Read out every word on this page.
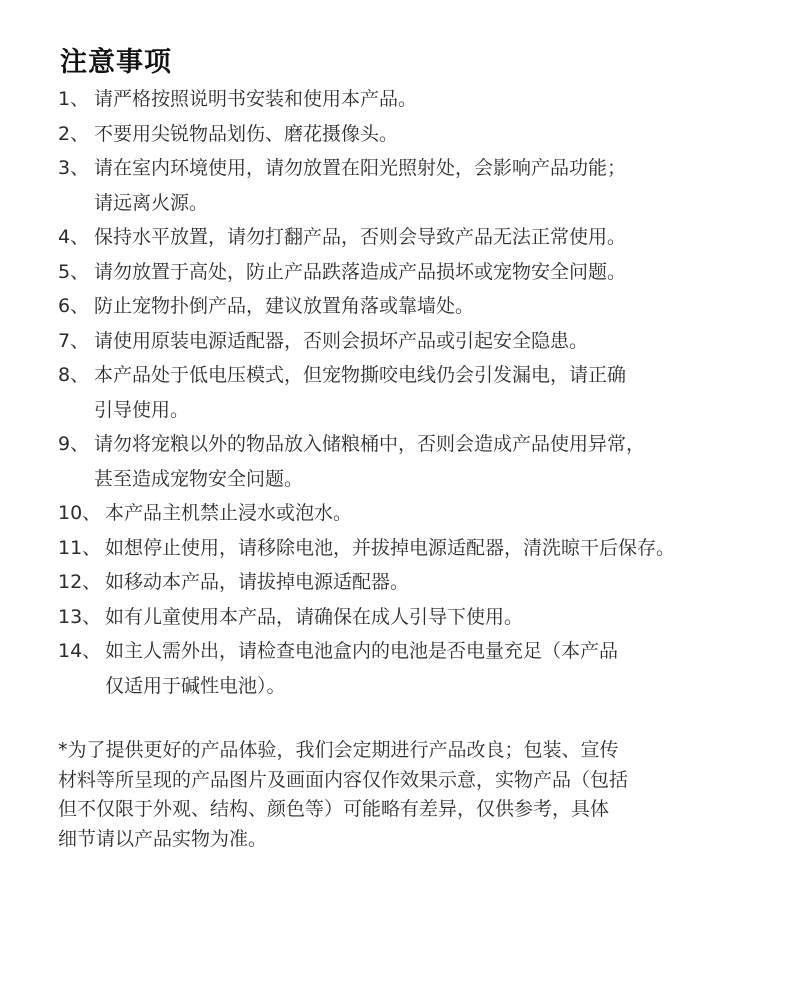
注意事项
1、 请严格按照说明书安装和使用本产品。
2、 不要用尖锐物品划伤、磨花摄像头。
3、 请在室内环境使用，请勿放置在阳光照射处，会影响产品功能；
请远离火源。
4、 保持水平放置，请勿打翻产品，否则会导致产品无法正常使用。
5、 请勿放置于高处，防止产品跌落造成产品损坏或宠物安全问题。
6、 防止宠物扑倒产品，建议放置角落或靠墙处。
7、 请使用原装电源适配器，否则会损坏产品或引起安全隐患。
8、 本产品处于低电压模式，但宠物撕咬电线仍会引发漏电，请正确
引导使用。
9、 请勿将宠粮以外的物品放入储粮桶中，否则会造成产品使用异常，
甚至造成宠物安全问题。
10、 本产品主机禁止浸水或泡水。
11、 如想停止使用，请移除电池，并拔掉电源适配器，清洗晾干后保存。
12、 如移动本产品，请拔掉电源适配器。
13、 如有儿童使用本产品，请确保在成人引导下使用。
14、 如主人需外出，请检查电池盒内的电池是否电量充足（本产品
仅适用于碱性电池）。
*为了提供更好的产品体验，我们会定期进行产品改良；包装、宣传
材料等所呈现的产品图片及画面内容仅作效果示意，实物产品（包括
但不仅限于外观、结构、颜色等）可能略有差异，仅供参考，具体
细节请以产品实物为准。
